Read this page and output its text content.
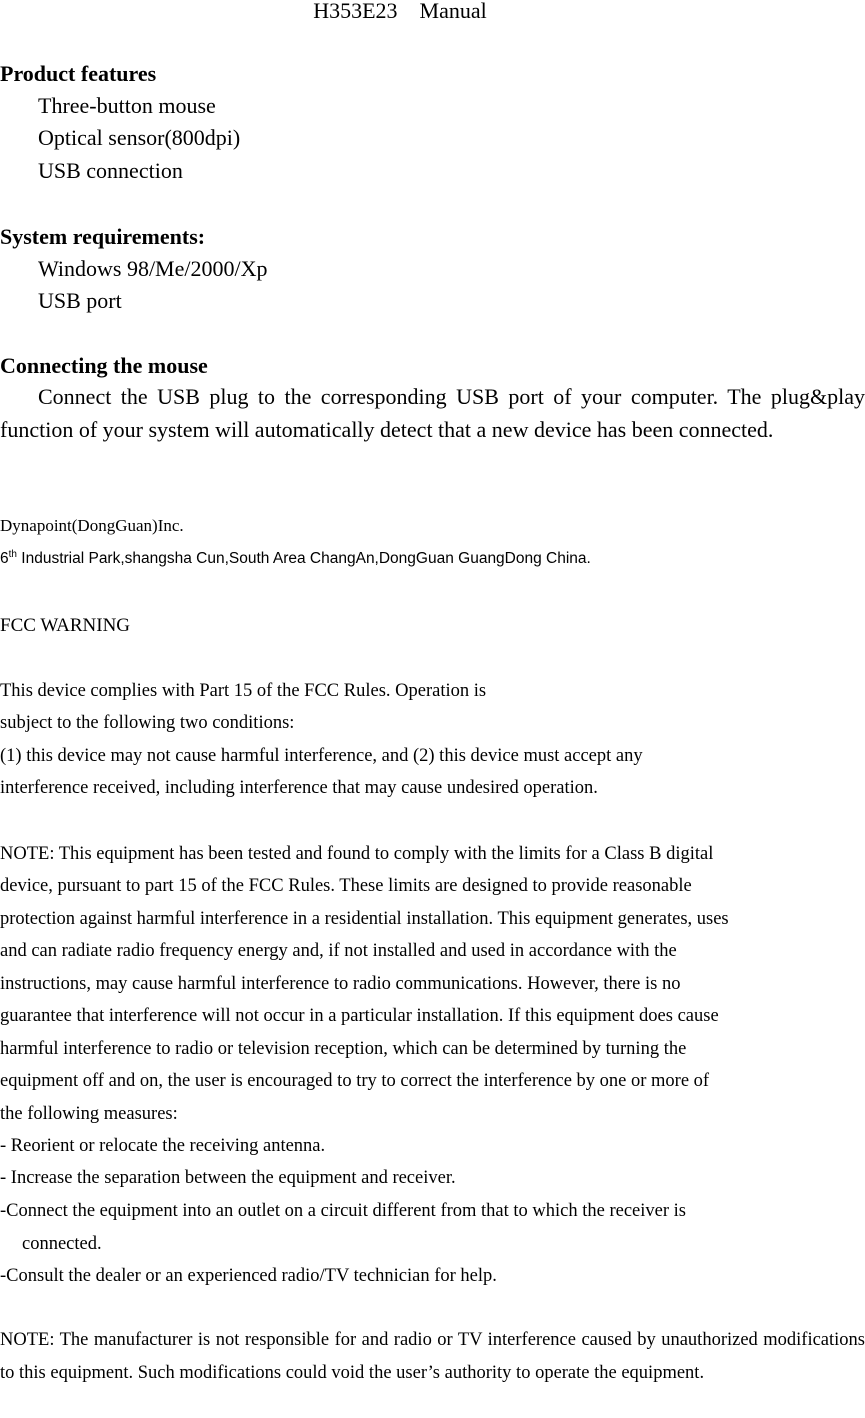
H353E23    Manual
Product features
Three-button mouse
Optical sensor(800dpi)
USB connection
System requirements:
Windows 98/Me/2000/Xp
USB port
Connecting the mouse
Connect the USB plug to the corresponding USB port of your computer. The plug&play function of your system will automatically detect that a new device has been connected.
Dynapoint(DongGuan)Inc.
6th Industrial Park,shangsha Cun,South Area ChangAn,DongGuan GuangDong China.
FCC WARNING
This device complies with Part 15 of the FCC Rules. Operation is
subject to the following two conditions:
(1) this device may not cause harmful interference, and (2) this device must accept any
interference received, including interference that may cause undesired operation.
NOTE: This equipment has been tested and found to comply with the limits for a Class B digital
device, pursuant to part 15 of the FCC Rules. These limits are designed to provide reasonable
protection against harmful interference in a residential installation. This equipment generates, uses
and can radiate radio frequency energy and, if not installed and used in accordance with the
instructions, may cause harmful interference to radio communications. However, there is no
guarantee that interference will not occur in a particular installation. If this equipment does cause
harmful interference to radio or television reception, which can be determined by turning the
equipment off and on, the user is encouraged to try to correct the interference by one or more of
the following measures:
- Reorient or relocate the receiving antenna.
- Increase the separation between the equipment and receiver.
-Connect the equipment into an outlet on a circuit different from that to which the receiver is
connected.
-Consult the dealer or an experienced radio/TV technician for help.
NOTE: The manufacturer is not responsible for and radio or TV interference caused by unauthorized modifications to this equipment. Such modifications could void the user’s authority to operate the equipment.
